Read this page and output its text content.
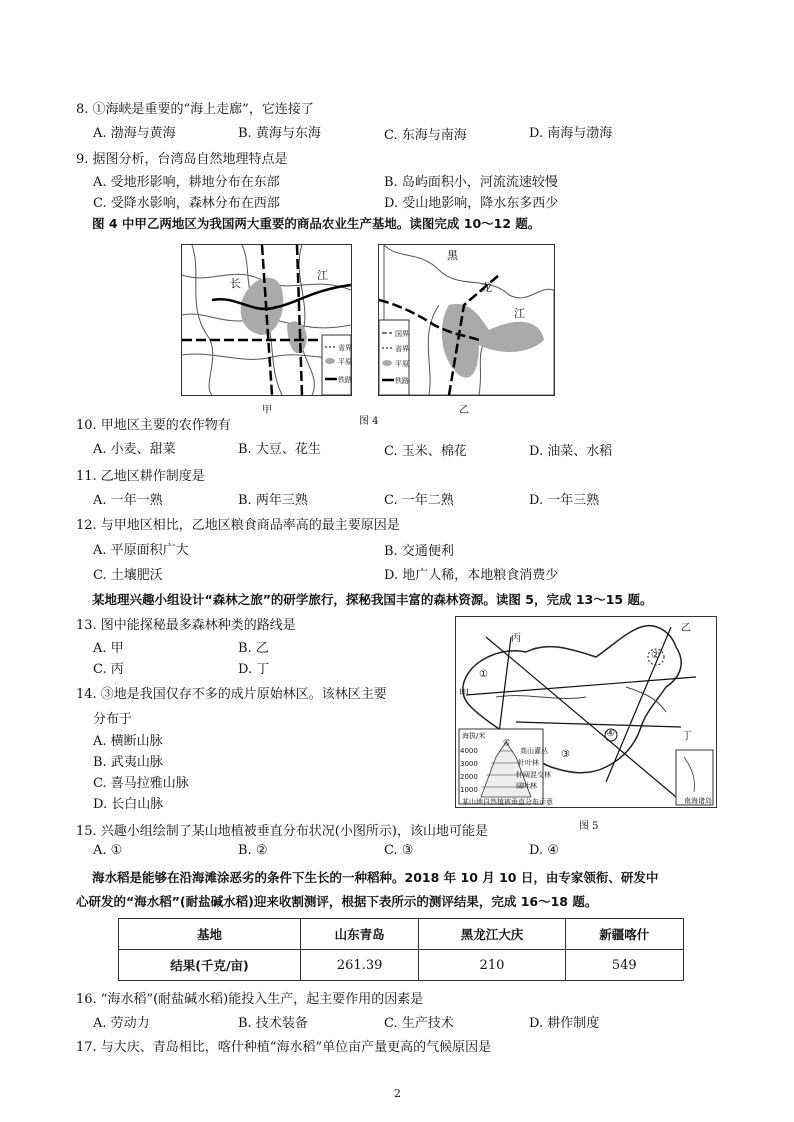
8. ①海峡是重要的“海上走廊”，它连接了
A. 渤海与黄海	B. 黄海与东海	C. 东海与南海	D. 南海与渤海
9. 据图分析，台湾岛自然地理特点是
A. 受地形影响，耕地分布在东部	B. 岛屿面积小，河流流速较慢
C. 受降水影响，森林分布在西部	D. 受山地影响，降水东多西少
图 4 中甲乙两地区为我国两大重要的商品农业生产基地。读图完成 10～12 题。
省界
平原
铁路
长
江
国界
省界
平原
铁路
黑
龙
江
甲
图 4
乙
10. 甲地区主要的农作物有
A. 小麦、甜菜	B. 大豆、花生	C. 玉米、棉花	D. 油菜、水稻
11. 乙地区耕作制度是
A. 一年一熟	B. 两年三熟	C. 一年二熟	D. 一年三熟
12. 与甲地区相比，乙地区粮食商品率高的最主要原因是
A. 平原面积广大	B. 交通便利
C. 土壤肥沃	D. 地广人稀，本地粮食消费少
某地理兴趣小组设计“森林之旅”的研学旅行，探秘我国丰富的森林资源。读图 5，完成 13～15 题。
13. 图中能探秘最多森林种类的路线是
A. 甲	B. 乙
C. 丙	D. 丁
14. ③地是我国仅存不多的成片原始林区。该林区主要
分布于
A. 横断山脉
B. 武夷山脉
C. 喜马拉雅山脉
D. 长白山脉
丙
乙
甲
丁
①
②
③
④
海拔/米
4000
3000
2000
1000
雪
高山灌丛
针叶林
针阔混交林
阔叶林
某山地自然植被垂直分布示意	南海诸岛
图 5
15. 兴趣小组绘制了某山地植被垂直分布状况(小图所示)，该山地可能是
A. ①	B. ②	C. ③	D. ④
海水稻是能够在沿海滩涂恶劣的条件下生长的一种稻种。2018 年 10 月 10 日，由专家领衔、研发中
心研发的“海水稻”(耐盐碱水稻)迎来收割测评，根据下表所示的测评结果，完成 16～18 题。
基地	山东青岛	黑龙江大庆	新疆喀什
结果(千克/亩)	261.39	210	549
16. “海水稻”(耐盐碱水稻)能投入生产，起主要作用的因素是
A. 劳动力	B. 技术装备	C. 生产技术	D. 耕作制度
17. 与大庆、青岛相比，喀什种植“海水稻”单位亩产量更高的气候原因是
2
